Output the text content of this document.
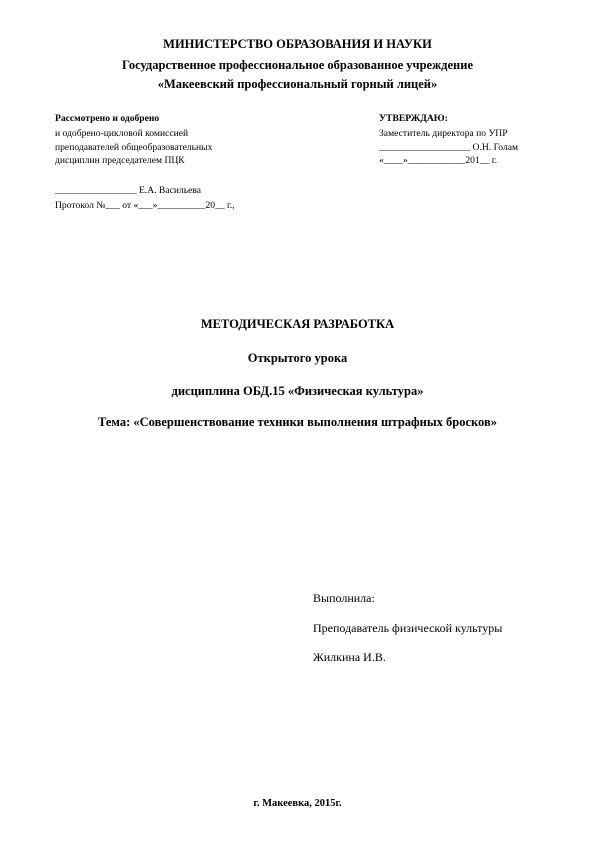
МИНИСТЕРСТВО ОБРАЗОВАНИЯ И НАУКИ
Государственное профессиональное образованное учреждение
«Макеевский профессиональный горный лицей»
Рассмотрено и одобрено
и одобрено-цикловой комиссией
преподавателей общеобразовательных
дисциплин председателем ПЦК
_________________ Е.А. Васильева
Протокол №___ от «___»__________20__ г.,
УТВЕРЖДАЮ:
Заместитель директора по УПР
___________________ О.Н. Голам
«____»____________201__ г.
МЕТОДИЧЕСКАЯ РАЗРАБОТКА
Открытого урока
дисциплина ОБД.15 «Физическая культура»
Тема: «Совершенствование техники выполнения штрафных бросков»
Выполнила:
Преподаватель физической культуры
Жилкина И.В.
г. Макеевка, 2015г.
